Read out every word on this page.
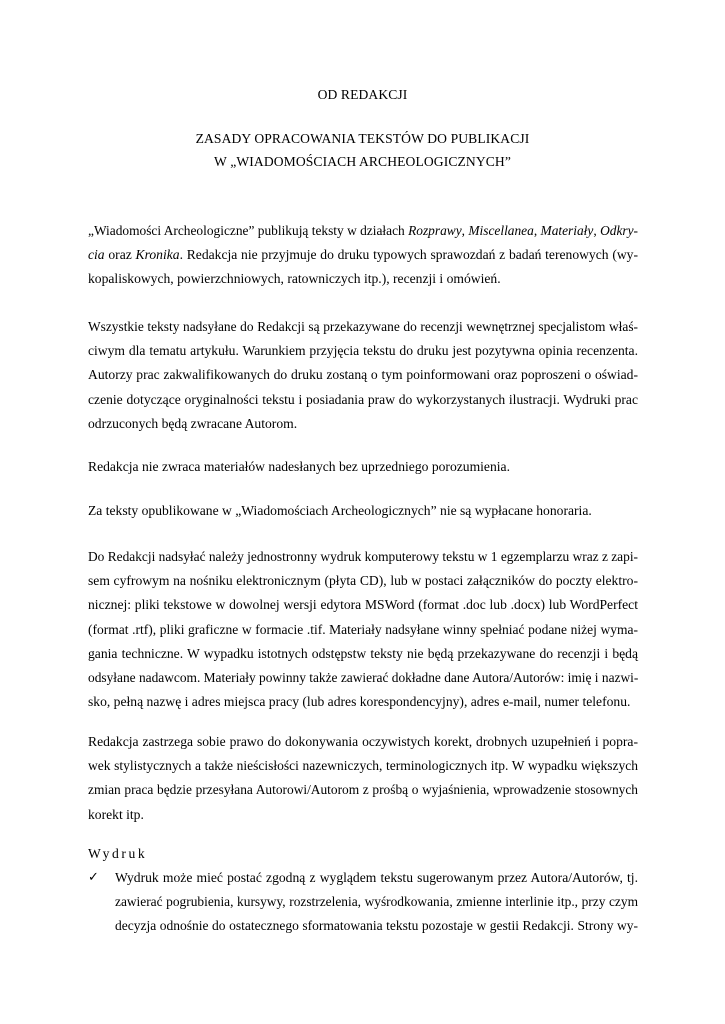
OD REDAKCJI
ZASADY OPRACOWANIA TEKSTÓW DO PUBLIKACJI
W „WIADOMOŚCIACH ARCHEOLOGICZNYCH”
„Wiadomości Archeologiczne” publikują teksty w działach Rozprawy, Miscellanea, Materiały, Odkry-
cia oraz Kronika. Redakcja nie przyjmuje do druku typowych sprawozdań z badań terenowych (wy-
kopaliskowych, powierzchniowych, ratowniczych itp.), recenzji i omówień.
Wszystkie teksty nadsyłane do Redakcji są przekazywane do recenzji wewnętrznej specjalistom właś-
ciwym dla tematu artykułu. Warunkiem przyjęcia tekstu do druku jest pozytywna opinia recenzenta.
Autorzy prac zakwalifikowanych do druku zostaną o tym poinformowani oraz poproszeni o oświad-
czenie dotyczące oryginalności tekstu i posiadania praw do wykorzystanych ilustracji. Wydruki prac
odrzuconych będą zwracane Autorom.
Redakcja nie zwraca materiałów nadesłanych bez uprzedniego porozumienia.
Za teksty opublikowane w „Wiadomościach Archeologicznych” nie są wypłacane honoraria.
Do Redakcji nadsyłać należy jednostronny wydruk komputerowy tekstu w 1 egzemplarzu wraz z zapi-
sem cyfrowym na nośniku elektronicznym (płyta CD), lub w postaci załączników do poczty elektro-
nicznej: pliki tekstowe w dowolnej wersji edytora MSWord (format .doc lub .docx) lub WordPerfect
(format .rtf), pliki graficzne w formacie .tif. Materiały nadsyłane winny spełniać podane niżej wyma-
gania techniczne. W wypadku istotnych odstępstw teksty nie będą przekazywane do recenzji i będą
odsyłane nadawcom. Materiały powinny także zawierać dokładne dane Autora/Autorów: imię i nazwi-
sko, pełną nazwę i adres miejsca pracy (lub adres korespondencyjny), adres e-mail, numer telefonu.
Redakcja zastrzega sobie prawo do dokonywania oczywistych korekt, drobnych uzupełnień i popra-
wek stylistycznych a także nieścisłości nazewniczych, terminologicznych itp. W wypadku większych
zmian praca będzie przesyłana Autorowi/Autorom z prośbą o wyjaśnienia, wprowadzenie stosownych
korekt itp.
Wydruk
✓ Wydruk może mieć postać zgodną z wyglądem tekstu sugerowanym przez Autora/Autorów, tj.
zawierać pogrubienia, kursywy, rozstrzelenia, wyśrodkowania, zmienne interlinie itp., przy czym
decyzja odnośnie do ostatecznego sformatowania tekstu pozostaje w gestii Redakcji. Strony wy-
